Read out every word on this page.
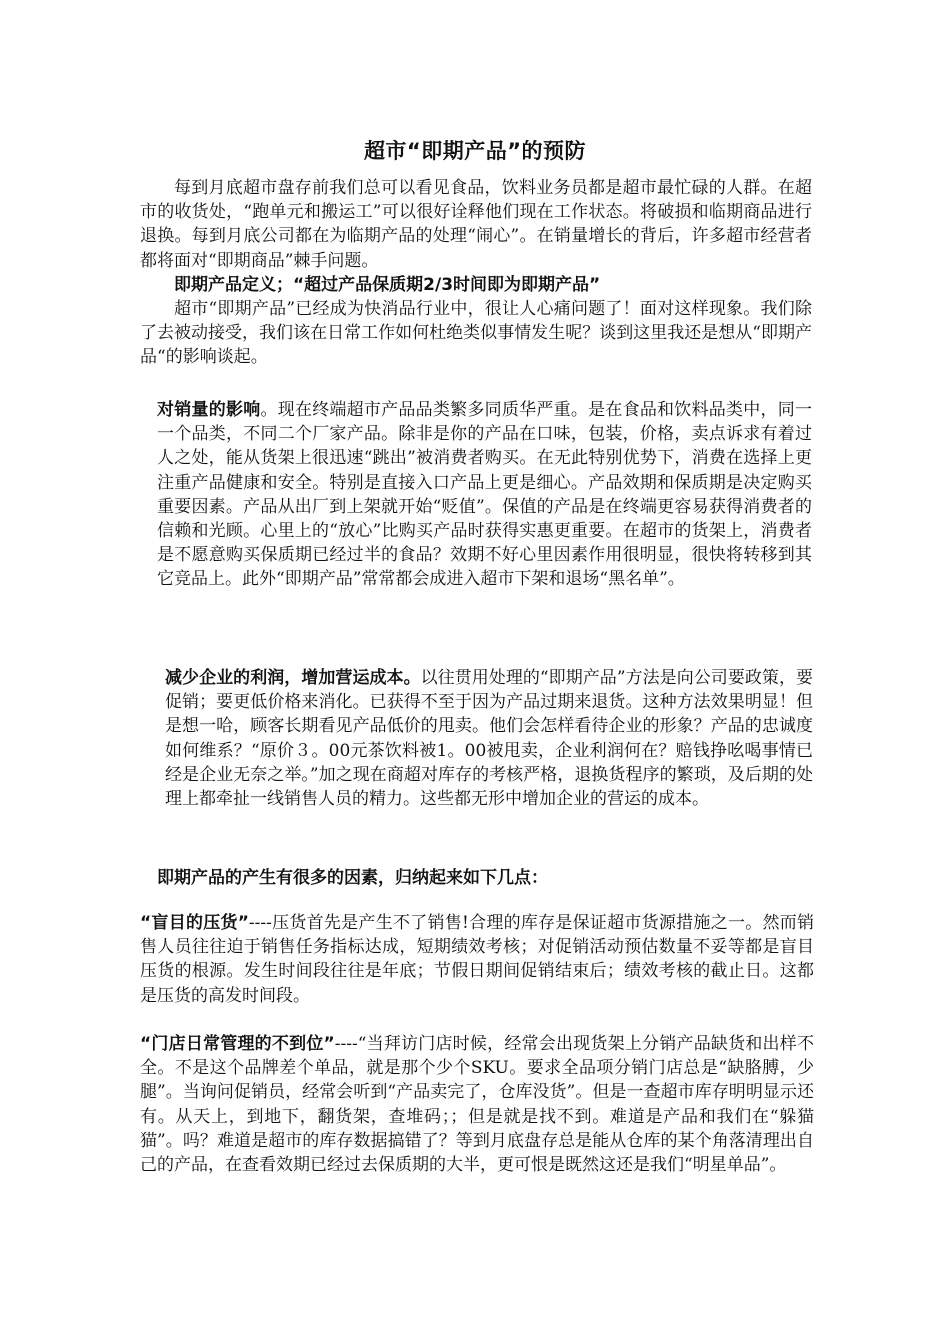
超市“即期产品”的预防
每到月底超市盘存前我们总可以看见食品，饮料业务员都是超市最忙碌的人群。在超市的收货处，“跑单元和搬运工”可以很好诠释他们现在工作状态。将破损和临期商品进行退换。每到月底公司都在为临期产品的处理“闹心”。在销量增长的背后，许多超市经营者都将面对“即期商品”棘手问题。
即期产品定义；“超过产品保质期2/3时间即为即期产品”
超市“即期产品”已经成为快消品行业中，很让人心痛问题了！面对这样现象。我们除了去被动接受，我们该在日常工作如何杜绝类似事情发生呢？谈到这里我还是想从“即期产品“的影响谈起。
对销量的影响。现在终端超市产品品类繁多同质华严重。是在食品和饮料品类中，同一一个品类，不同二个厂家产品。除非是你的产品在口味，包装，价格，卖点诉求有着过人之处，能从货架上很迅速“跳出”被消费者购买。在无此特别优势下，消费在选择上更注重产品健康和安全。特别是直接入口产品上更是细心。产品效期和保质期是决定购买重要因素。产品从出厂到上架就开始“贬值”。保值的产品是在终端更容易获得消费者的信赖和光顾。心里上的“放心”比购买产品时获得实惠更重要。在超市的货架上，消费者是不愿意购买保质期已经过半的食品？效期不好心里因素作用很明显，很快将转移到其它竞品上。此外“即期产品”常常都会成进入超市下架和退场“黑名单”。
减少企业的利润，增加营运成本。以往贯用处理的“即期产品”方法是向公司要政策，要促销；要更低价格来消化。已获得不至于因为产品过期来退货。这种方法效果明显！但是想一哈，顾客长期看见产品低价的甩卖。他们会怎样看待企业的形象？产品的忠诚度如何维系？“原价３。00元茶饮料被1。00被甩卖，企业利润何在？赔钱挣吆喝事情已经是企业无奈之举。”加之现在商超对库存的考核严格，退换货程序的繁琐，及后期的处理上都牵扯一线销售人员的精力。这些都无形中增加企业的营运的成本。
即期产品的产生有很多的因素，归纳起来如下几点：
“盲目的压货”----压货首先是产生不了销售!合理的库存是保证超市货源措施之一。然而销售人员往往迫于销售任务指标达成，短期绩效考核；对促销活动预估数量不妥等都是盲目压货的根源。发生时间段往往是年底；节假日期间促销结束后；绩效考核的截止日。这都是压货的高发时间段。
“门店日常管理的不到位”----“当拜访门店时候，经常会出现货架上分销产品缺货和出样不全。不是这个品牌差个单品，就是那个少个SKU。要求全品项分销门店总是“缺胳膊，少腿”。当询问促销员，经常会听到“产品卖完了，仓库没货”。但是一查超市库存明明显示还有。从天上，到地下，翻货架，查堆码；；但是就是找不到。难道是产品和我们在“躲猫猫”。吗？难道是超市的库存数据搞错了？等到月底盘存总是能从仓库的某个角落清理出自己的产品，在查看效期已经过去保质期的大半，更可恨是既然这还是我们“明星单品”。
